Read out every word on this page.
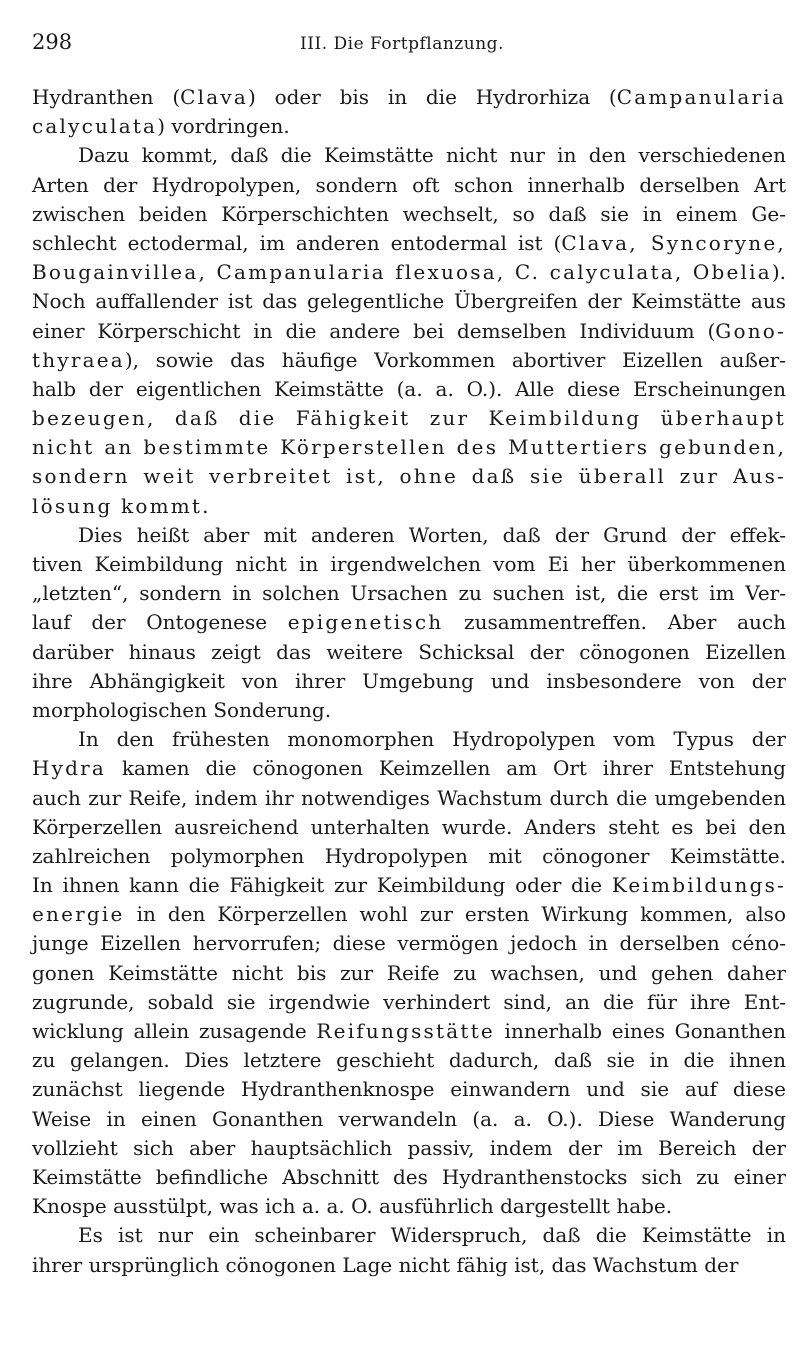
298	III. Die Fortpflanzung.
Hydranthen (Clava) oder bis in die Hydrorhiza (Campanularia
calyculata) vordringen.
Dazu kommt, daß die Keimstätte nicht nur in den verschiedenen
Arten der Hydropolypen, sondern oft schon innerhalb derselben Art
zwischen beiden Körperschichten wechselt, so daß sie in einem Ge-
schlecht ectodermal, im anderen entodermal ist (Clava, Syncoryne,
Bougainvillea, Campanularia flexuosa, C. calyculata, Obelia).
Noch auffallender ist das gelegentliche Übergreifen der Keimstätte aus
einer Körperschicht in die andere bei demselben Individuum (Gono-
thyraea), sowie das häufige Vorkommen abortiver Eizellen außer-
halb der eigentlichen Keimstätte (a. a. O.). Alle diese Erscheinungen
bezeugen, daß die Fähigkeit zur Keimbildung überhaupt
nicht an bestimmte Körperstellen des Muttertiers gebunden,
sondern weit verbreitet ist, ohne daß sie überall zur Aus-
lösung kommt.
Dies heißt aber mit anderen Worten, daß der Grund der effek-
tiven Keimbildung nicht in irgendwelchen vom Ei her überkommenen
„letzten“, sondern in solchen Ursachen zu suchen ist, die erst im Ver-
lauf der Ontogenese epigenetisch zusammentreffen. Aber auch
darüber hinaus zeigt das weitere Schicksal der cönogonen Eizellen
ihre Abhängigkeit von ihrer Umgebung und insbesondere von der
morphologischen Sonderung.
In den frühesten monomorphen Hydropolypen vom Typus der
Hydra kamen die cönogonen Keimzellen am Ort ihrer Entstehung
auch zur Reife, indem ihr notwendiges Wachstum durch die umgebenden
Körperzellen ausreichend unterhalten wurde. Anders steht es bei den
zahlreichen polymorphen Hydropolypen mit cönogoner Keimstätte.
In ihnen kann die Fähigkeit zur Keimbildung oder die Keimbildungs-
energie in den Körperzellen wohl zur ersten Wirkung kommen, also
junge Eizellen hervorrufen; diese vermögen jedoch in derselben céno-
gonen Keimstätte nicht bis zur Reife zu wachsen, und gehen daher
zugrunde, sobald sie irgendwie verhindert sind, an die für ihre Ent-
wicklung allein zusagende Reifungsstätte innerhalb eines Gonanthen
zu gelangen. Dies letztere geschieht dadurch, daß sie in die ihnen
zunächst liegende Hydranthenknospe einwandern und sie auf diese
Weise in einen Gonanthen verwandeln (a. a. O.). Diese Wanderung
vollzieht sich aber hauptsächlich passiv, indem der im Bereich der
Keimstätte befindliche Abschnitt des Hydranthenstocks sich zu einer
Knospe ausstülpt, was ich a. a. O. ausführlich dargestellt habe.
Es ist nur ein scheinbarer Widerspruch, daß die Keimstätte in
ihrer ursprünglich cönogonen Lage nicht fähig ist, das Wachstum der
